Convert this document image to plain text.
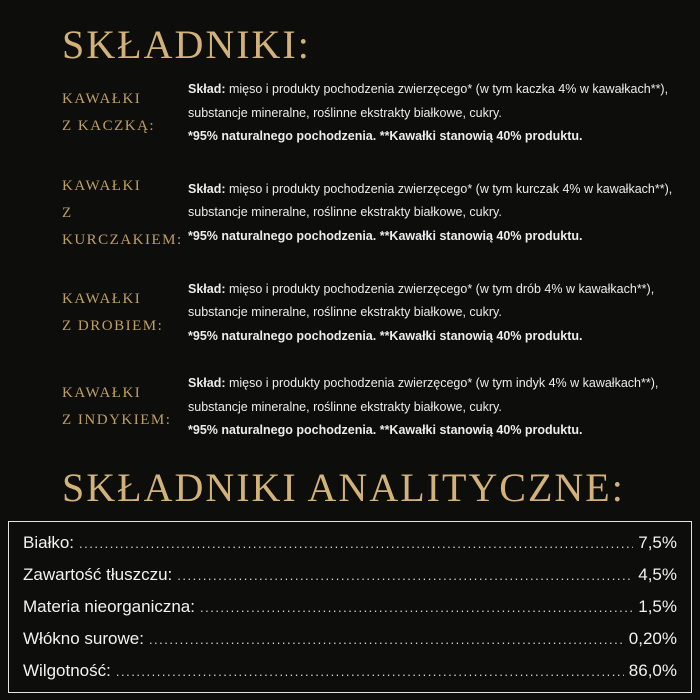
SKŁADNIKI:
KAWAŁKI
Z KACZKĄ:
Skład: mięso i produkty pochodzenia zwierzęcego* (w tym kaczka 4% w kawałkach**),
substancje mineralne, roślinne ekstrakty białkowe, cukry.
*95% naturalnego pochodzenia. **Kawałki stanowią 40% produktu.
KAWAŁKI
Z KURCZAKIEM:
Skład: mięso i produkty pochodzenia zwierzęcego* (w tym kurczak 4% w kawałkach**),
substancje mineralne, roślinne ekstrakty białkowe, cukry.
*95% naturalnego pochodzenia. **Kawałki stanowią 40% produktu.
KAWAŁKI
Z DROBIEM:
Skład: mięso i produkty pochodzenia zwierzęcego* (w tym drób 4% w kawałkach**),
substancje mineralne, roślinne ekstrakty białkowe, cukry.
*95% naturalnego pochodzenia. **Kawałki stanowią 40% produktu.
KAWAŁKI
Z INDYKIEM:
Skład: mięso i produkty pochodzenia zwierzęcego* (w tym indyk 4% w kawałkach**),
substancje mineralne, roślinne ekstrakty białkowe, cukry.
*95% naturalnego pochodzenia. **Kawałki stanowią 40% produktu.
SKŁADNIKI ANALITYCZNE:
Białko: .....	7,5%
Zawartość tłuszczu: .....	4,5%
Materia nieorganiczna: .....	1,5%
Włókno surowe: .....	0,20%
Wilgotność: .....	86,0%
